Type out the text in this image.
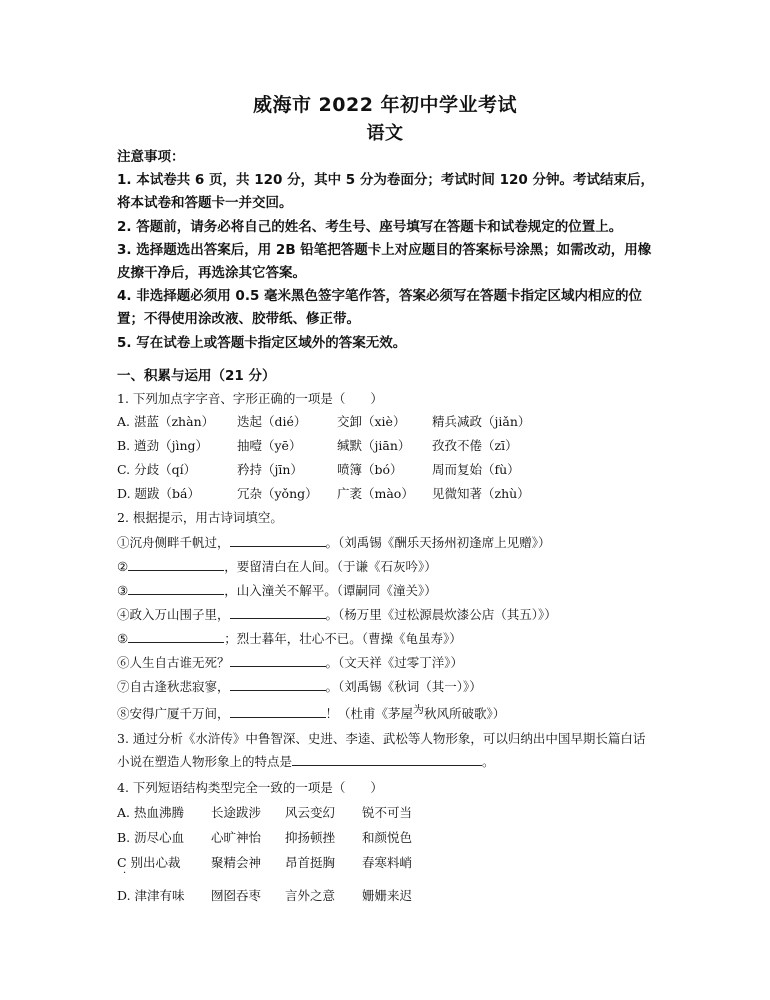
威海市 2022 年初中学业考试
语文

注意事项：

1. 本试卷共 6 页，共 120 分，其中 5 分为卷面分；考试时间 120 分钟。考试结束后，将本试卷和答题卡一并交回。

2. 答题前，请务必将自己的姓名、考生号、座号填写在答题卡和试卷规定的位置上。

3. 选择题选出答案后，用 2B 铅笔把答题卡上对应题目的答案标号涂黑；如需改动，用橡皮擦干净后，再选涂其它答案。

4. 非选择题必须用 0.5 毫米黑色签字笔作答，答案必须写在答题卡指定区域内相应的位置；不得使用涂改液、胶带纸、修正带。

5. 写在试卷上或答题卡指定区域外的答案无效。

一、积累与运用（21 分）
1. 下列加点字字音、字形正确的一项是（　　）
A. 湛蓝（zhàn） 迭起（dié） 交卸（xiè） 精兵减政（jiǎn）
B. 遒劲（jìng） 抽噎（yē）	缄默（jiān） 孜孜不倦（zī）
C. 分歧（qí）	矜持（jīn）	喷簿（bó） 周而复始（fù）
D. 题跋（bá）	冗杂（yǒng） 广袤（mào） 见微知著（zhù）
2. 根据提示，用古诗词填空。
①沉舟侧畔千帆过，	。（刘禹锡《酬乐天扬州初逢席上见赠》）
②	，要留清白在人间。（于谦《石灰吟》）
③	，山入潼关不解平。（谭嗣同《潼关》）
④政入万山围子里，	。（杨万里《过松源晨炊漆公店（其五）》）
⑤	；烈士暮年，壮心不已。（曹操《龟虽寿》）
⑥人生自古谁无死？	。（文天祥《过零丁洋》）
⑦自古逢秋悲寂寥，	。（刘禹锡《秋词（其一）》）
⑧安得广厦千万间，	！（杜甫《茅屋为秋风所破歌》）
3. 通过分析《水浒传》中鲁智深、史进、李逵、武松等人物形象，可以归纳出中国早期长篇白话小说在塑造人物形象上的特点是	。
4. 下列短语结构类型完全一致的一项是（　　）
A. 热血沸腾 长途跋涉 风云变幻 锐不可当
B. 沥尽心血 心旷神怡 抑扬顿挫 和颜悦色
C 别出心裁 聚精会神 昂首挺胸 春寒料峭
·
D. 津津有味 囫囵吞枣 言外之意 姗姗来迟
